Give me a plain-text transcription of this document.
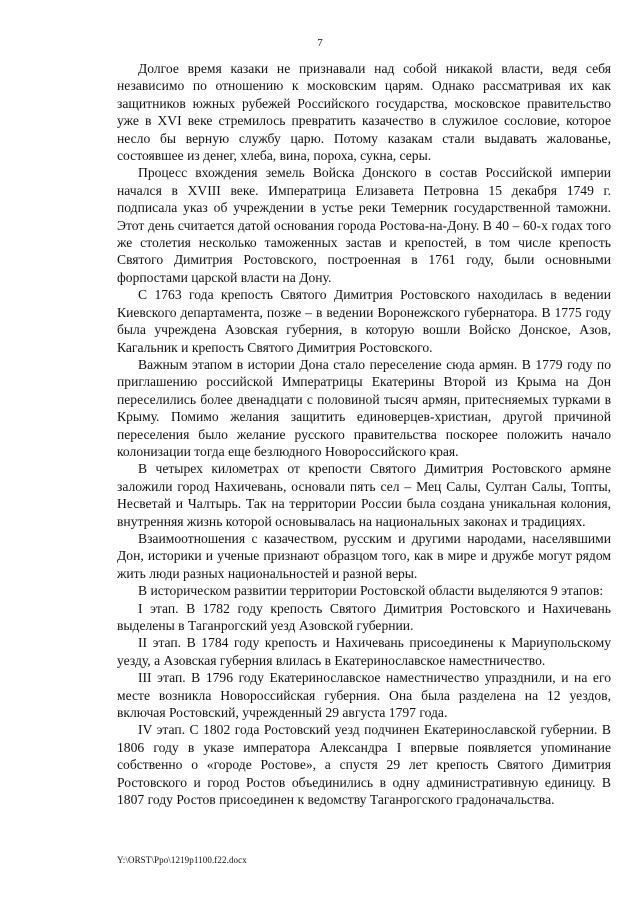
7

Долгое время казаки не признавали над собой никакой власти, ведя себя независимо по отношению к московским царям. Однако рассматривая их как защитников южных рубежей Российского государства, московское правительство уже в XVI веке стремилось превратить казачество в служилое сословие, которое несло бы верную службу царю. Потому казакам стали выдавать жалованье, состоявшее из денег, хлеба, вина, пороха, сукна, серы.

Процесс вхождения земель Войска Донского в состав Российской империи начался в XVIII веке. Императрица Елизавета Петровна 15 декабря 1749 г. подписала указ об учреждении в устье реки Темерник государственной таможни. Этот день считается датой основания города Ростова-на-Дону. В 40 – 60-х годах того же столетия несколько таможенных застав и крепостей, в том числе крепость Святого Димитрия Ростовского, построенная в 1761 году, были основными форпостами царской власти на Дону.

С 1763 года крепость Святого Димитрия Ростовского находилась в ведении Киевского департамента, позже – в ведении Воронежского губернатора. В 1775 году была учреждена Азовская губерния, в которую вошли Войско Донское, Азов, Кагальник и крепость Святого Димитрия Ростовского.

Важным этапом в истории Дона стало переселение сюда армян. В 1779 году по приглашению российской Императрицы Екатерины Второй из Крыма на Дон переселились более двенадцати с половиной тысяч армян, притесняемых турками в Крыму. Помимо желания защитить единоверцев-христиан, другой причиной переселения было желание русского правительства поскорее положить начало колонизации тогда еще безлюдного Новороссийского края.

В четырех километрах от крепости Святого Димитрия Ростовского армяне заложили город Нахичевань, основали пять сел – Мец Салы, Султан Салы, Топты, Несветай и Чалтырь. Так на территории России была создана уникальная колония, внутренняя жизнь которой основывалась на национальных законах и традициях.

Взаимоотношения с казачеством, русским и другими народами, населявшими Дон, историки и ученые признают образцом того, как в мире и дружбе могут рядом жить люди разных национальностей и разной веры.

В историческом развитии территории Ростовской области выделяются 9 этапов:

I этап. В 1782 году крепость Святого Димитрия Ростовского и Нахичевань выделены в Таганрогский уезд Азовской губернии.

II этап. В 1784 году крепость и Нахичевань присоединены к Мариупольскому уезду, а Азовская губерния влилась в Екатеринославское наместничество.

III этап. В 1796 году Екатеринославское наместничество упразднили, и на его месте возникла Новороссийская губерния. Она была разделена на 12 уездов, включая Ростовский, учрежденный 29 августа 1797 года.

IV этап. С 1802 года Ростовский уезд подчинен Екатеринославской губернии. В 1806 году в указе императора Александра I впервые появляется упоминание собственно о «городе Ростове», а спустя 29 лет крепость Святого Димитрия Ростовского и город Ростов объединились в одну административную единицу. В 1807 году Ростов присоединен к ведомству Таганрогского градоначальства.

Y:\ORST\Ppo\1219p1100.f22.docx
